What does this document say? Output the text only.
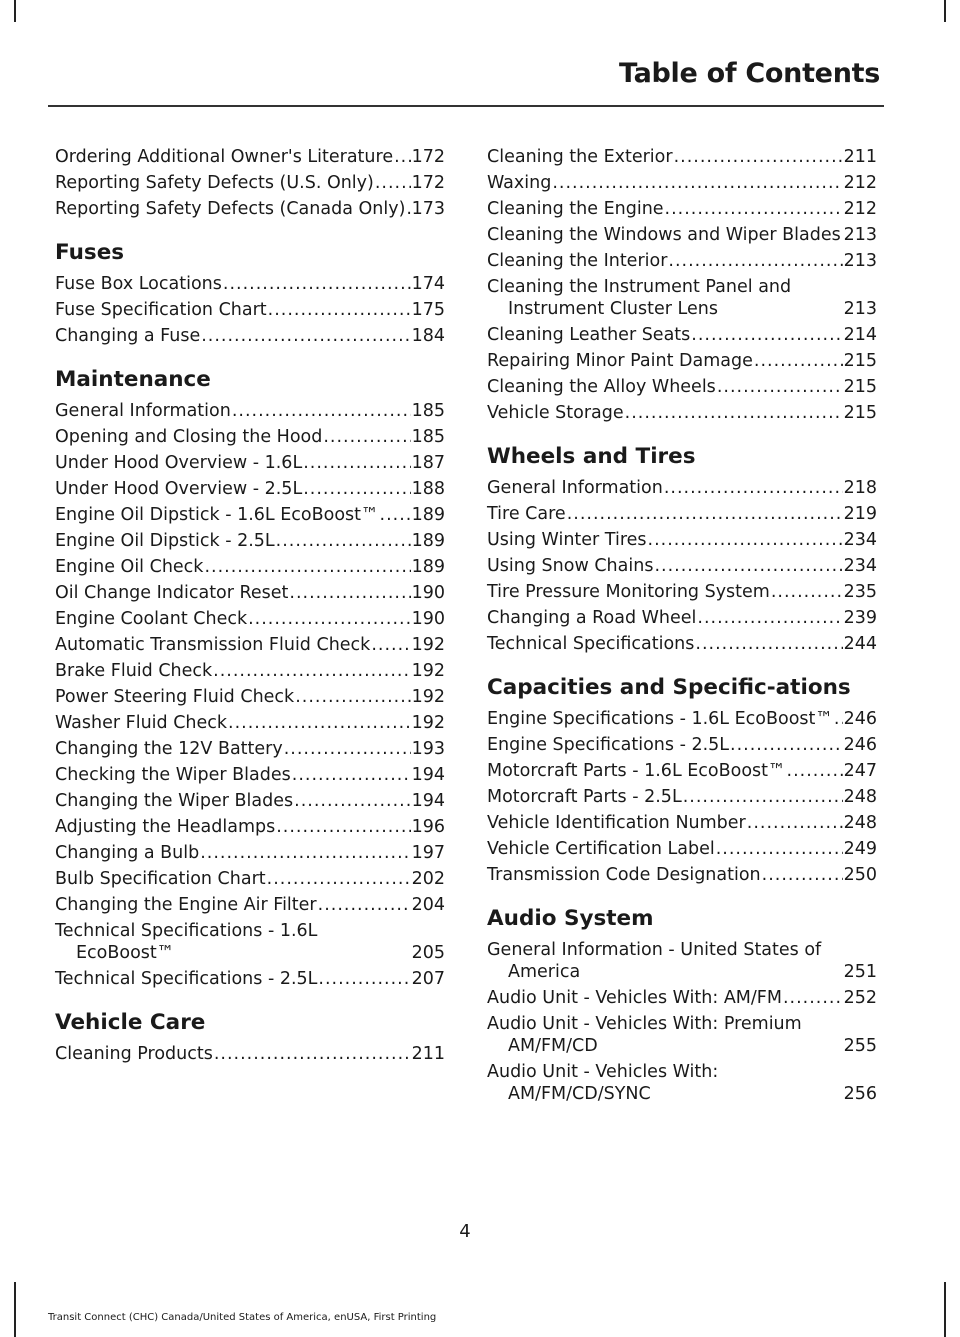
Table of Contents
Ordering Additional Owner's Literature ..... 172
Reporting Safety Defects (U.S. Only) ..... 172
Reporting Safety Defects (Canada Only) ..... 173
Fuses
Fuse Box Locations .....	174
Fuse Specification Chart .....	175
Changing a Fuse .....	184
Maintenance
General Information .....	185
Opening and Closing the Hood .....	185
Under Hood Overview - 1.6L .....	187
Under Hood Overview - 2.5L .....	188
Engine Oil Dipstick - 1.6L EcoBoost™ ..... 189
Engine Oil Dipstick - 2.5L .....	189
Engine Oil Check .....	189
Oil Change Indicator Reset .....	190
Engine Coolant Check .....	190
Automatic Transmission Fluid Check ..... 192
Brake Fluid Check .....	192
Power Steering Fluid Check .....	192
Washer Fluid Check .....	192
Changing the 12V Battery .....	193
Checking the Wiper Blades .....	194
Changing the Wiper Blades .....	194
Adjusting the Headlamps .....	196
Changing a Bulb .....	197
Bulb Specification Chart .....	202
Changing the Engine Air Filter .....	204
Technical Specifications - 1.6L EcoBoost™	205
Technical Specifications - 2.5L .....	207
Vehicle Care
Cleaning Products .....	211
Cleaning the Exterior .....	211
Waxing .....	212
Cleaning the Engine .....	212
Cleaning the Windows and Wiper Blades ..... 213
Cleaning the Interior .....	213
Cleaning the Instrument Panel and Instrument Cluster Lens	213
Cleaning Leather Seats .....	214
Repairing Minor Paint Damage .....	215
Cleaning the Alloy Wheels .....	215
Vehicle Storage .....	215
Wheels and Tires
General Information .....	218
Tire Care .....	219
Using Winter Tires .....	234
Using Snow Chains .....	234
Tire Pressure Monitoring System .....	235
Changing a Road Wheel .....	239
Technical Specifications .....	244
Capacities and Specific-ations
Engine Specifications - 1.6L EcoBoost™ ..... 246
Engine Specifications - 2.5L .....	246
Motorcraft Parts - 1.6L EcoBoost™ .....	247
Motorcraft Parts - 2.5L .....	248
Vehicle Identification Number .....	248
Vehicle Certification Label .....	249
Transmission Code Designation .....	250
Audio System
General Information - United States of America	251
Audio Unit - Vehicles With: AM/FM .....	252
Audio Unit - Vehicles With: Premium AM/FM/CD	255
Audio Unit - Vehicles With: AM/FM/CD/SYNC	256
4
Transit Connect (CHC) Canada/United States of America, enUSA, First Printing
